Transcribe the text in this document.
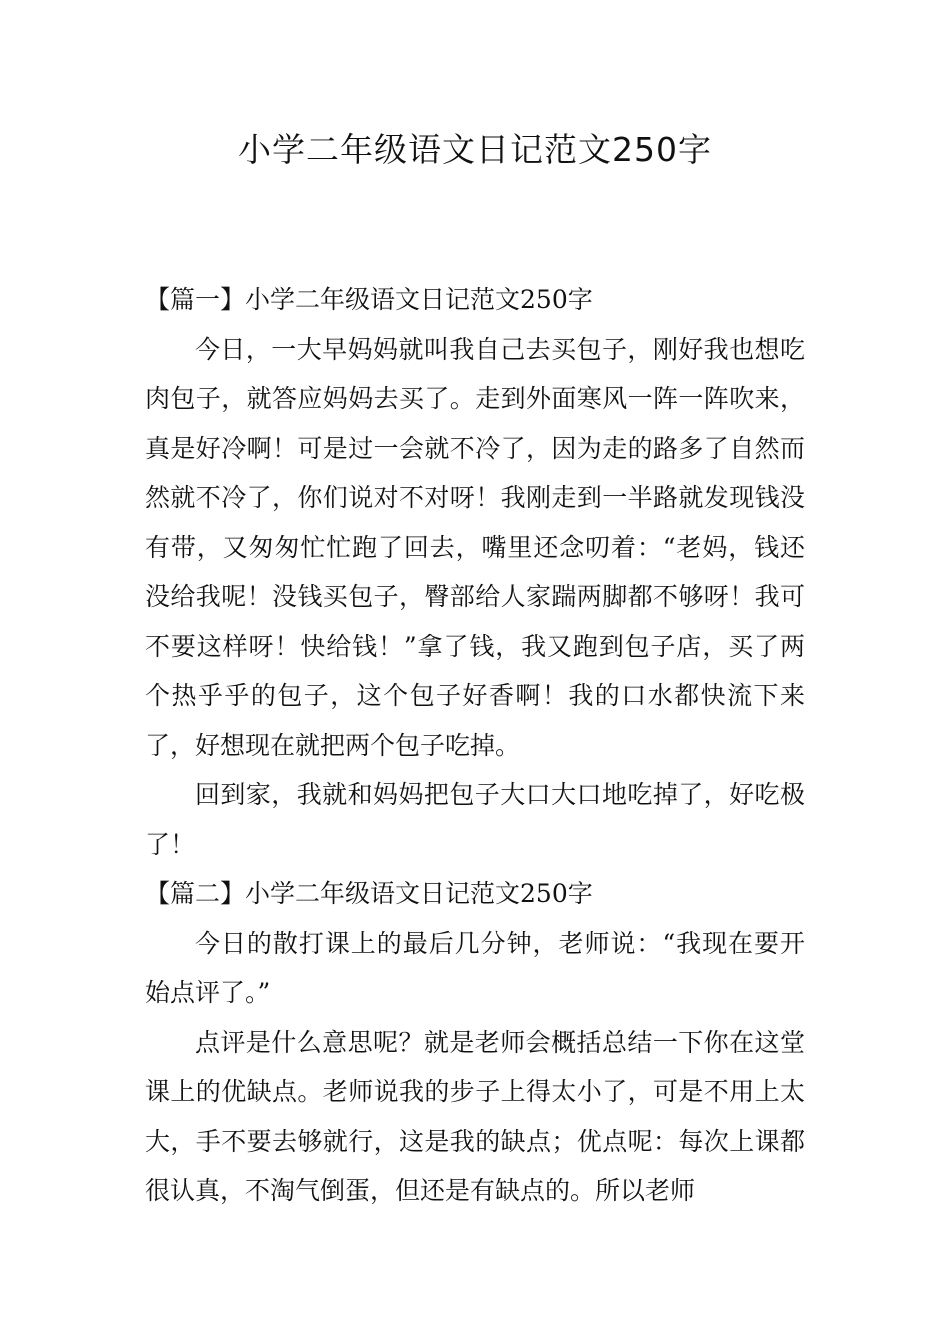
小学二年级语文日记范文250字

【篇一】小学二年级语文日记范文250字

今日，一大早妈妈就叫我自己去买包子，刚好我也想吃肉包子，就答应妈妈去买了。走到外面寒风一阵一阵吹来，真是好冷啊！可是过一会就不冷了，因为走的路多了自然而然就不冷了，你们说对不对呀！我刚走到一半路就发现钱没有带，又匆匆忙忙跑了回去，嘴里还念叨着：“老妈，钱还没给我呢！没钱买包子，臀部给人家踹两脚都不够呀！我可不要这样呀！快给钱！”拿了钱，我又跑到包子店，买了两个热乎乎的包子，这个包子好香啊！我的口水都快流下来了，好想现在就把两个包子吃掉。

回到家，我就和妈妈把包子大口大口地吃掉了，好吃极了！

【篇二】小学二年级语文日记范文250字

今日的散打课上的最后几分钟，老师说：“我现在要开始点评了。”

点评是什么意思呢？就是老师会概括总结一下你在这堂课上的优缺点。老师说我的步子上得太小了，可是不用上太大，手不要去够就行，这是我的缺点；优点呢：每次上课都很认真，不淘气倒蛋，但还是有缺点的。所以老师
